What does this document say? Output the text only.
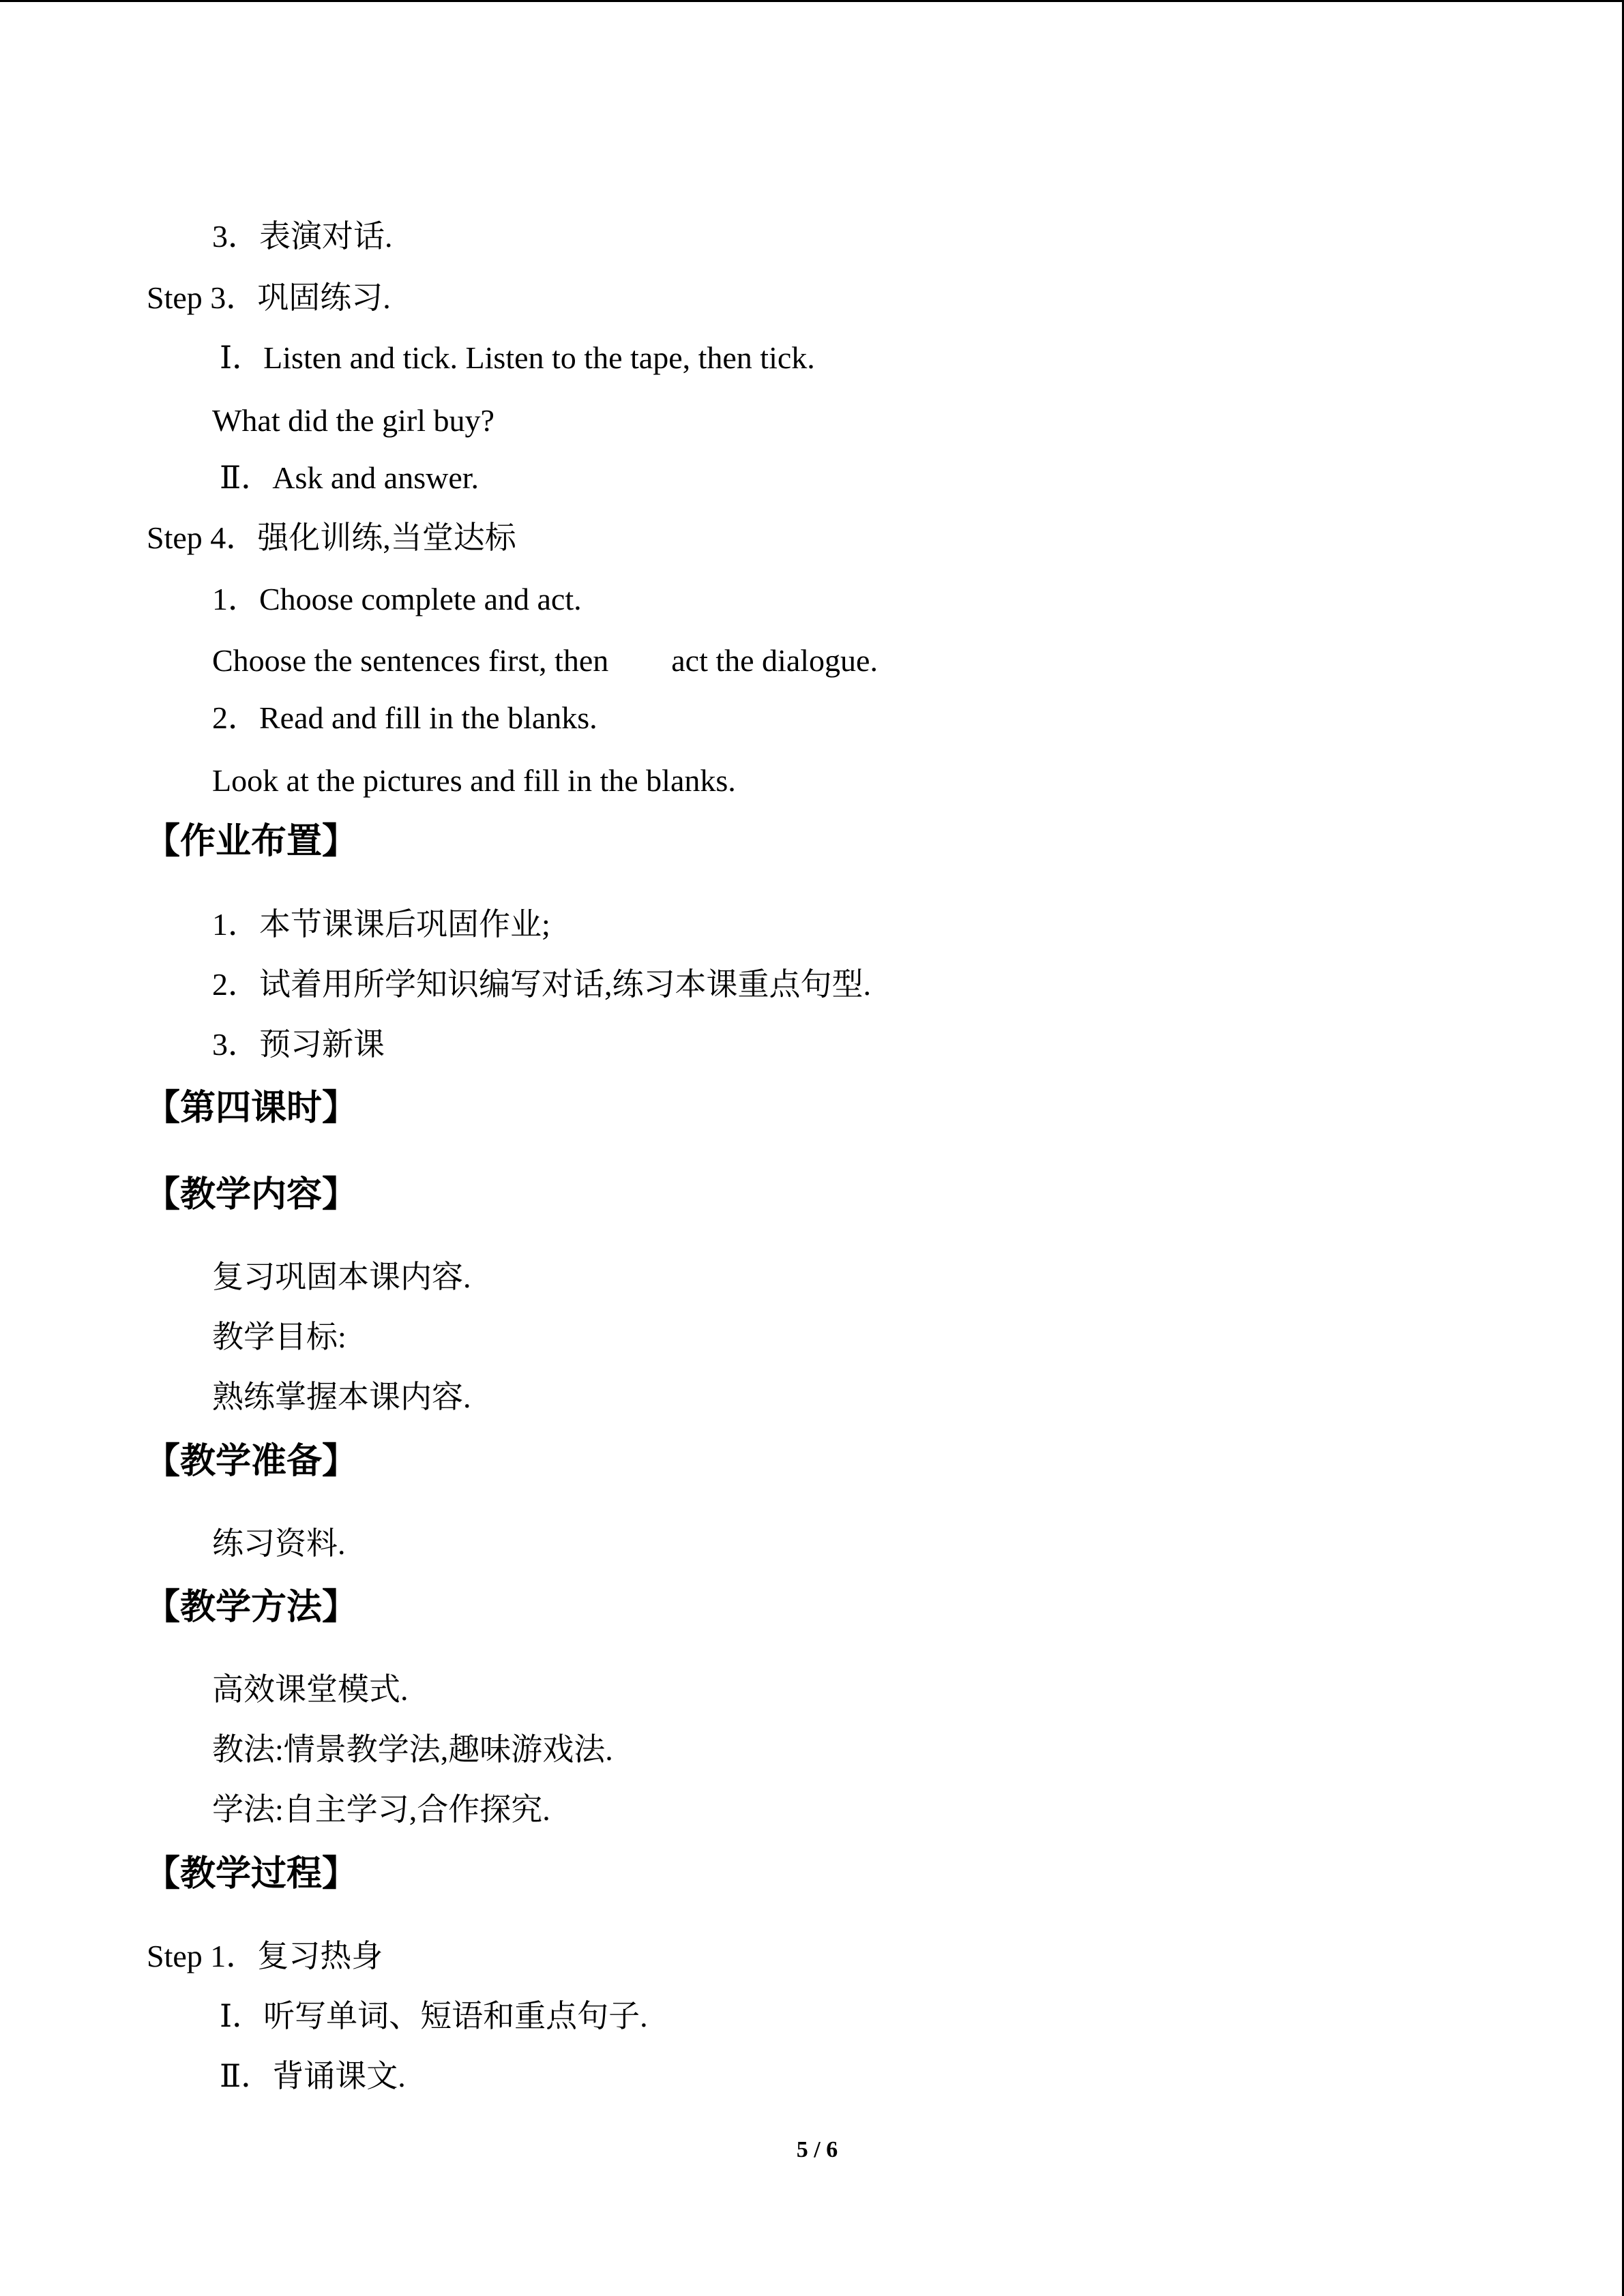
3．表演对话.
Step 3．巩固练习.
Ⅰ．Listen and tick. Listen to the tape, then tick.
What did the girl buy?
Ⅱ．Ask and answer.
Step 4．强化训练,当堂达标
1．Choose complete and act.
Choose the sentences first, then        act the dialogue.
2．Read and fill in the blanks.
Look at the pictures and fill in the blanks.
【作业布置】
1．本节课课后巩固作业;
2．试着用所学知识编写对话,练习本课重点句型.
3．预习新课
【第四课时】
【教学内容】
复习巩固本课内容.
教学目标:
熟练掌握本课内容.
【教学准备】
练习资料.
【教学方法】
高效课堂模式.
教法:情景教学法,趣味游戏法.
学法:自主学习,合作探究.
【教学过程】
Step 1．复习热身
Ⅰ．听写单词、短语和重点句子.
Ⅱ．背诵课文.
5 / 6
